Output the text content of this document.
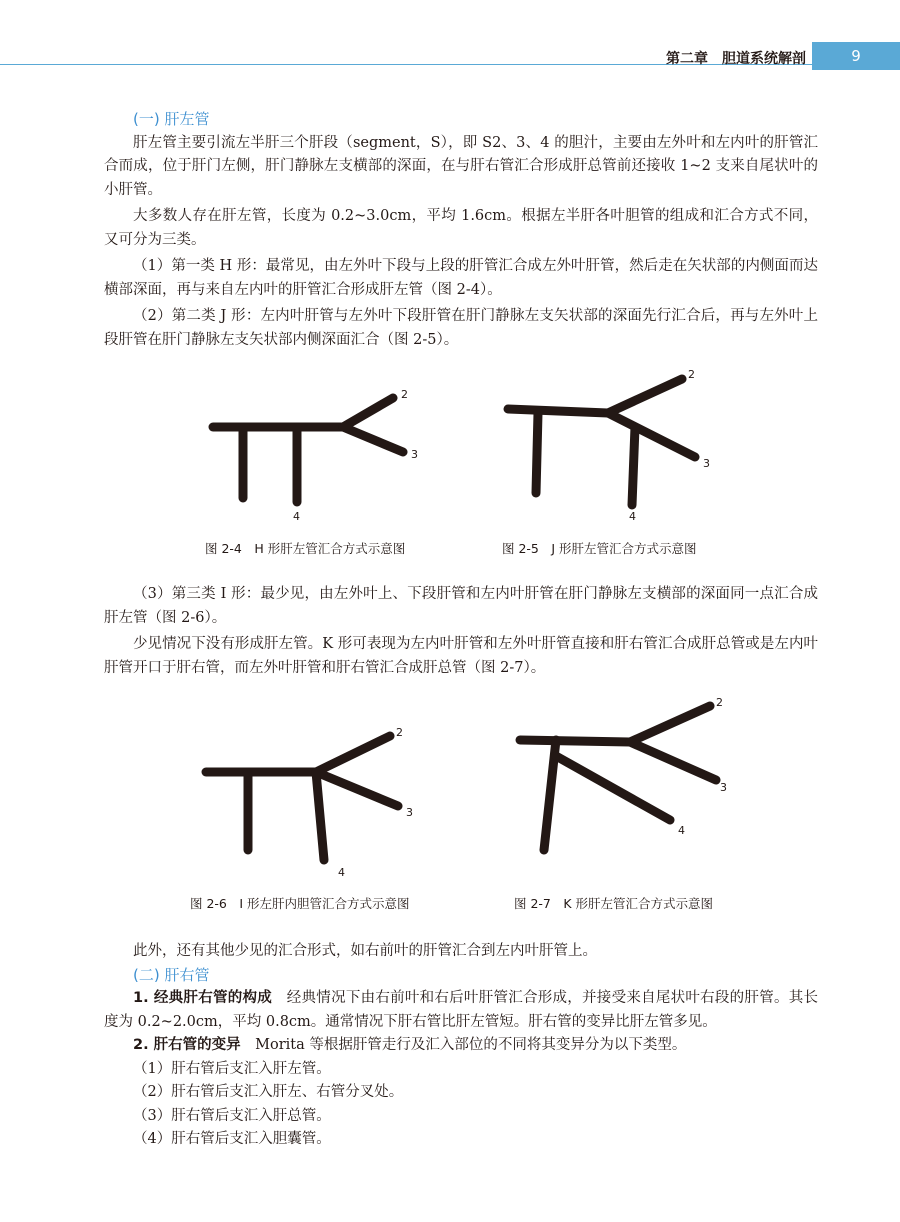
第二章　胆道系统解剖	9

(一) 肝左管

肝左管主要引流左半肝三个肝段（segment，S），即 S2、3、4 的胆汁，主要由左外叶和左内叶的肝管汇合而成，位于肝门左侧，肝门静脉左支横部的深面，在与肝右管汇合形成肝总管前还接收 1~2 支来自尾状叶的小肝管。

大多数人存在肝左管，长度为 0.2~3.0cm，平均 1.6cm。根据左半肝各叶胆管的组成和汇合方式不同，又可分为三类。

（1）第一类 H 形：最常见，由左外叶下段与上段的肝管汇合成左外叶肝管，然后走在矢状部的内侧面而达横部深面，再与来自左内叶的肝管汇合形成肝左管（图 2-4）。

（2）第二类 J 形：左内叶肝管与左外叶下段肝管在肝门静脉左支矢状部的深面先行汇合后，再与左外叶上段肝管在肝门静脉左支矢状部内侧深面汇合（图 2-5）。

2
3
4
图 2-4　H 形肝左管汇合方式示意图
2
3
4
图 2-5　J 形肝左管汇合方式示意图

（3）第三类 I 形：最少见，由左外叶上、下段肝管和左内叶肝管在肝门静脉左支横部的深面同一点汇合成肝左管（图 2-6）。

少见情况下没有形成肝左管。K 形可表现为左内叶肝管和左外叶肝管直接和肝右管汇合成肝总管或是左内叶肝管开口于肝右管，而左外叶肝管和肝右管汇合成肝总管（图 2-7）。

2
3
4
图 2-6　I 形左肝内胆管汇合方式示意图
2
3
4
图 2-7　K 形肝左管汇合方式示意图

此外，还有其他少见的汇合形式，如右前叶的肝管汇合到左内叶肝管上。

(二) 肝右管

1. 经典肝右管的构成　经典情况下由右前叶和右后叶肝管汇合形成，并接受来自尾状叶右段的肝管。其长度为 0.2~2.0cm，平均 0.8cm。通常情况下肝右管比肝左管短。肝右管的变异比肝左管多见。

2. 肝右管的变异　Morita 等根据肝管走行及汇入部位的不同将其变异分为以下类型。

（1）肝右管后支汇入肝左管。

（2）肝右管后支汇入肝左、右管分叉处。

（3）肝右管后支汇入肝总管。

（4）肝右管后支汇入胆囊管。
